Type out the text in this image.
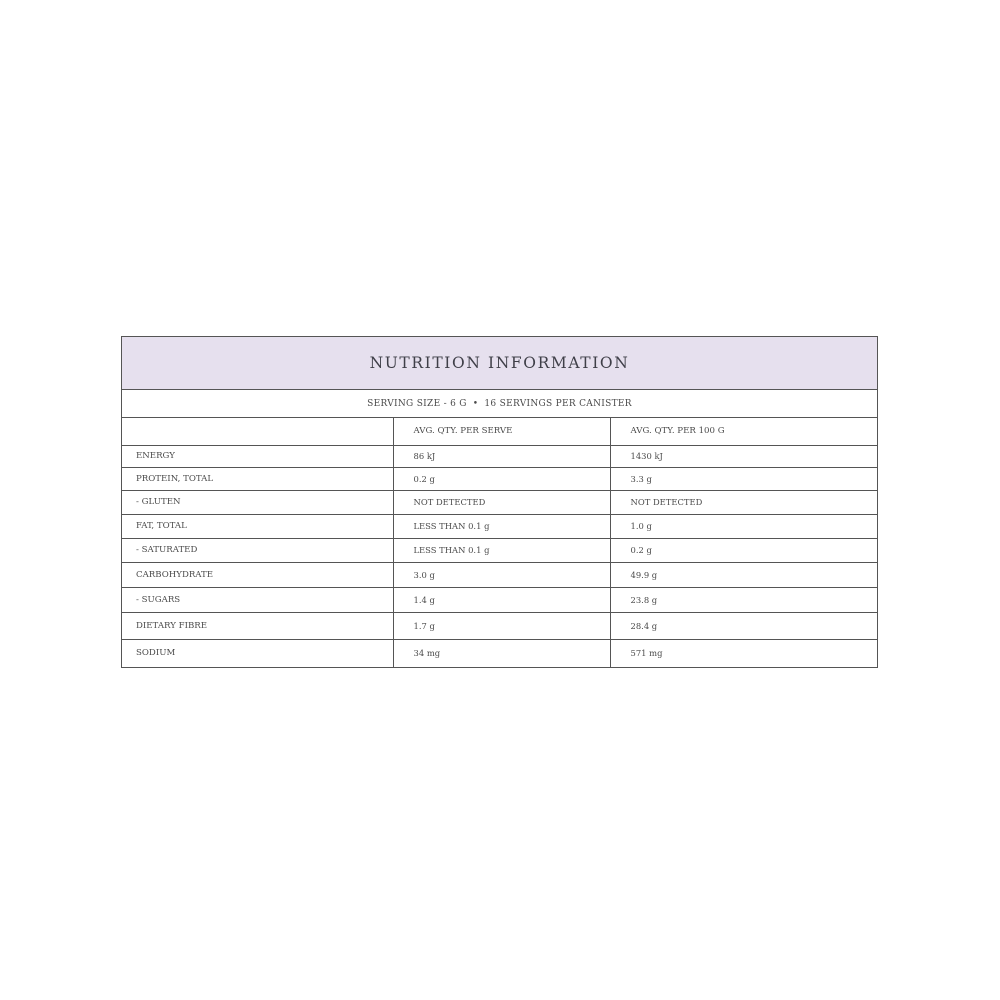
NUTRITION INFORMATION
SERVING SIZE - 6 G • 16 SERVINGS PER CANISTER
	AVG. QTY. PER SERVE	AVG. QTY. PER 100 G
ENERGY	86 kJ	1430 kJ
PROTEIN, TOTAL	0.2 g	3.3 g
- GLUTEN	NOT DETECTED	NOT DETECTED
FAT, TOTAL	LESS THAN 0.1 g	1.0 g
- SATURATED	LESS THAN 0.1 g	0.2 g
CARBOHYDRATE	3.0 g	49.9 g
- SUGARS	1.4 g	23.8 g
DIETARY FIBRE	1.7 g	28.4 g
SODIUM	34 mg	571 mg
